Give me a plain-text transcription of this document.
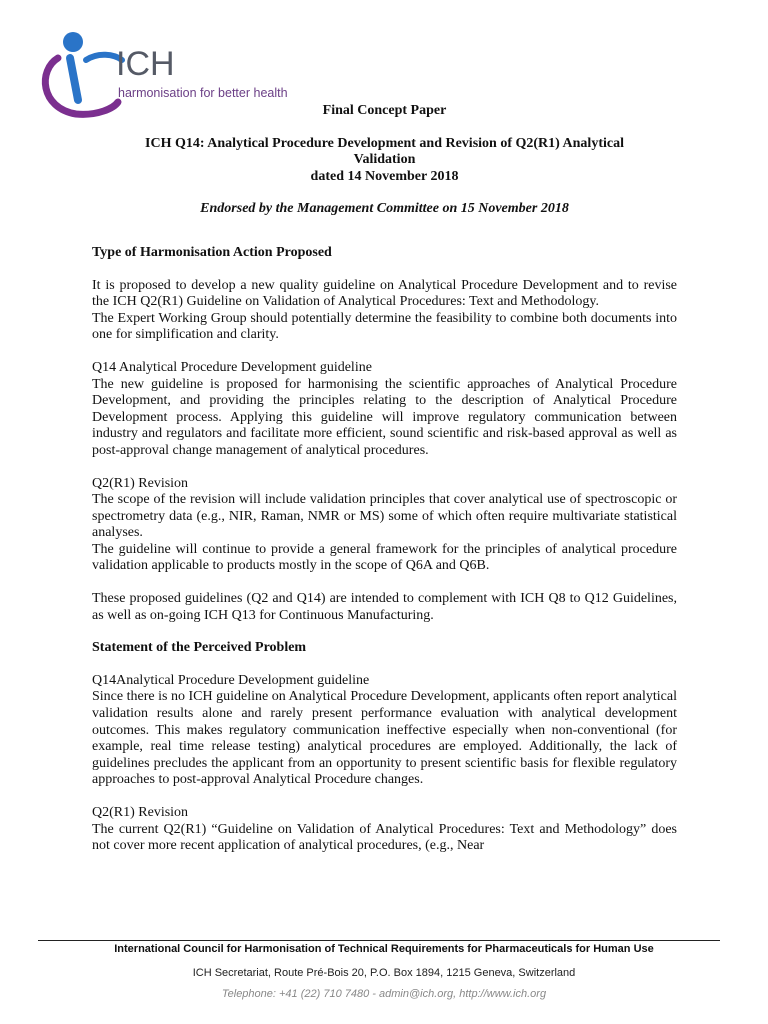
ICH
harmonisation for better health
Final Concept Paper
ICH Q14: Analytical Procedure Development and Revision of Q2(R1) Analytical
Validation
dated 14 November 2018
Endorsed by the Management Committee on 15 November 2018
Type of Harmonisation Action Proposed

It is proposed to develop a new quality guideline on Analytical Procedure Development and to revise the ICH Q2(R1) Guideline on Validation of Analytical Procedures: Text and Methodology.

The Expert Working Group should potentially determine the feasibility to combine both documents into one for simplification and clarity.

Q14 Analytical Procedure Development guideline

The new guideline is proposed for harmonising the scientific approaches of Analytical Procedure Development, and providing the principles relating to the description of Analytical Procedure Development process. Applying this guideline will improve regulatory communication between industry and regulators and facilitate more efficient, sound scientific and risk-based approval as well as post-approval change management of analytical procedures.

Q2(R1) Revision

The scope of the revision will include validation principles that cover analytical use of spectroscopic or spectrometry data (e.g., NIR, Raman, NMR or MS) some of which often require multivariate statistical analyses.

The guideline will continue to provide a general framework for the principles of analytical procedure validation applicable to products mostly in the scope of Q6A and Q6B.

These proposed guidelines (Q2 and Q14) are intended to complement with ICH Q8 to Q12 Guidelines, as well as on-going ICH Q13 for Continuous Manufacturing.

Statement of the Perceived Problem
Q14Analytical Procedure Development guideline

Since there is no ICH guideline on Analytical Procedure Development, applicants often report analytical validation results alone and rarely present performance evaluation with analytical development outcomes. This makes regulatory communication ineffective especially when non-conventional (for example, real time release testing) analytical procedures are employed. Additionally, the lack of guidelines precludes the applicant from an opportunity to present scientific basis for flexible regulatory approaches to post-approval Analytical Procedure changes.

Q2(R1) Revision

The current Q2(R1) “Guideline on Validation of Analytical Procedures: Text and Methodology” does not cover more recent application of analytical procedures, (e.g., Near

International Council for Harmonisation of Technical Requirements for Pharmaceuticals for Human Use
ICH Secretariat, Route Pré-Bois 20, P.O. Box 1894, 1215 Geneva, Switzerland
Telephone: +41 (22) 710 7480 - admin@ich.org, http://www.ich.org
